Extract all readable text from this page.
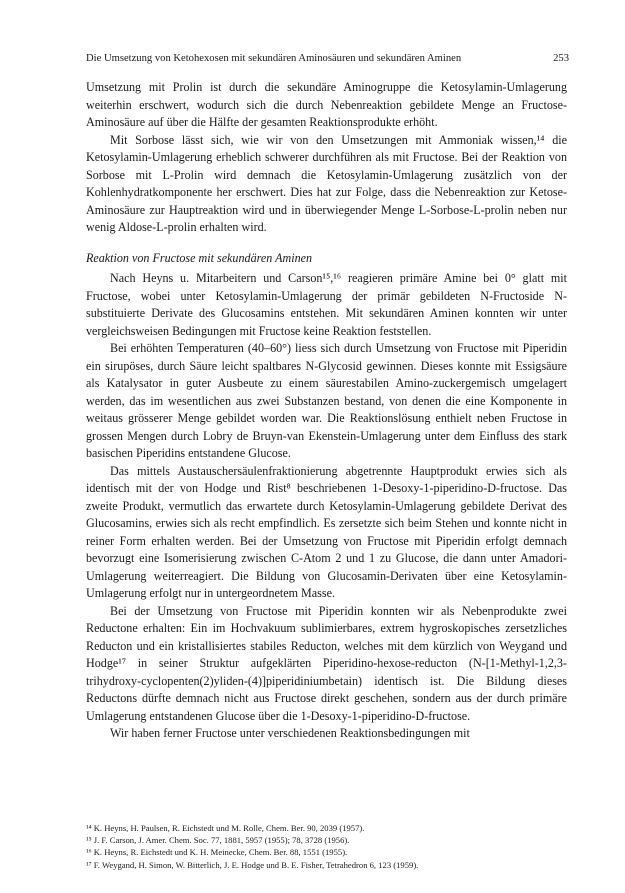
Die Umsetzung von Ketohexosen mit sekundären Aminosäuren und sekundären Aminen	253

Umsetzung mit Prolin ist durch die sekundäre Aminogruppe die Ketosylamin-Umlagerung weiterhin erschwert, wodurch sich die durch Nebenreaktion gebildete Menge an Fructose-Aminosäure auf über die Hälfte der gesamten Reaktionsprodukte erhöht.

Mit Sorbose lässt sich, wie wir von den Umsetzungen mit Ammoniak wissen,¹⁴ die Ketosylamin-Umlagerung erheblich schwerer durchführen als mit Fructose. Bei der Reaktion von Sorbose mit L-Prolin wird demnach die Ketosylamin-Umlagerung zusätzlich von der Kohlenhydratkomponente her erschwert. Dies hat zur Folge, dass die Nebenreaktion zur Ketose-Aminosäure zur Hauptreaktion wird und in überwiegender Menge L-Sorbose-L-prolin neben nur wenig Aldose-L-prolin erhalten wird.

Reaktion von Fructose mit sekundären Aminen

Nach Heyns u. Mitarbeitern und Carson¹⁵,¹⁶ reagieren primäre Amine bei 0° glatt mit Fructose, wobei unter Ketosylamin-Umlagerung der primär gebildeten N-Fructoside N-substituierte Derivate des Glucosamins entstehen. Mit sekundären Aminen konnten wir unter vergleichsweisen Bedingungen mit Fructose keine Reaktion feststellen.

Bei erhöhten Temperaturen (40–60°) liess sich durch Umsetzung von Fructose mit Piperidin ein sirupöses, durch Säure leicht spaltbares N-Glycosid gewinnen. Dieses konnte mit Essigsäure als Katalysator in guter Ausbeute zu einem säurestabilen Amino-zuckergemisch umgelagert werden, das im wesentlichen aus zwei Substanzen bestand, von denen die eine Komponente in weitaus grösserer Menge gebildet worden war. Die Reaktionslösung enthielt neben Fructose in grossen Mengen durch Lobry de Bruyn-van Ekenstein-Umlagerung unter dem Einfluss des stark basischen Piperidins entstandene Glucose.

Das mittels Austauschersäulenfraktionierung abgetrennte Hauptprodukt erwies sich als identisch mit der von Hodge und Rist⁸ beschriebenen 1-Desoxy-1-piperidino-D-fructose. Das zweite Produkt, vermutlich das erwartete durch Ketosylamin-Umlagerung gebildete Derivat des Glucosamins, erwies sich als recht empfindlich. Es zersetzte sich beim Stehen und konnte nicht in reiner Form erhalten werden. Bei der Umsetzung von Fructose mit Piperidin erfolgt demnach bevorzugt eine Isomerisierung zwischen C-Atom 2 und 1 zu Glucose, die dann unter Amadori-Umlagerung weiterreagiert. Die Bildung von Glucosamin-Derivaten über eine Ketosylamin-Umlagerung erfolgt nur in untergeordnetem Masse.

Bei der Umsetzung von Fructose mit Piperidin konnten wir als Nebenprodukte zwei Reductone erhalten: Ein im Hochvakuum sublimierbares, extrem hygroskopisches zersetzliches Reducton und ein kristallisiertes stabiles Reducton, welches mit dem kürzlich von Weygand und Hodge¹⁷ in seiner Struktur aufgeklärten Piperidino-hexose-reducton (N-[1-Methyl-1,2,3-trihydroxy-cyclopenten(2)yliden-(4)]piperidiniumbetain) identisch ist. Die Bildung dieses Reductons dürfte demnach nicht aus Fructose direkt geschehen, sondern aus der durch primäre Umlagerung entstandenen Glucose über die 1-Desoxy-1-piperidino-D-fructose.

Wir haben ferner Fructose unter verschiedenen Reaktionsbedingungen mit

¹⁴ K. Heyns, H. Paulsen, R. Eichstedt und M. Rolle, Chem. Ber. 90, 2039 (1957).

¹⁵ J. F. Carson, J. Amer. Chem. Soc. 77, 1881, 5957 (1955); 78, 3728 (1956).

¹⁶ K. Heyns, R. Eichstedt und K. H. Meinecke, Chem. Ber. 88, 1551 (1955).

¹⁷ F. Weygand, H. Simon, W. Bitterlich, J. E. Hodge und B. E. Fisher, Tetrahedron 6, 123 (1959).
